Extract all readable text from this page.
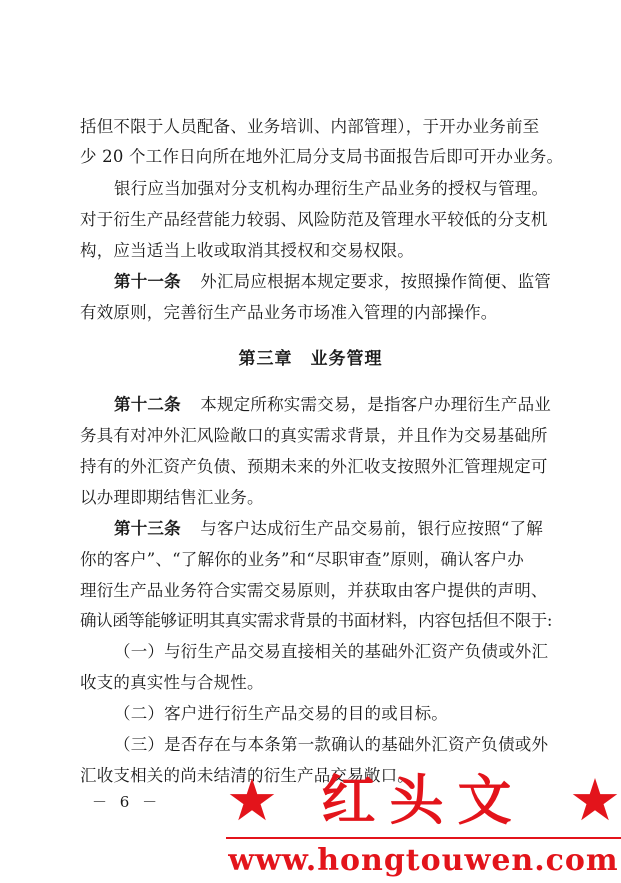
括但不限于人员配备、业务培训、内部管理），于开办业务前至
少 20 个工作日向所在地外汇局分支局书面报告后即可开办业务。
银行应当加强对分支机构办理衍生产品业务的授权与管理。
对于衍生产品经营能力较弱、风险防范及管理水平较低的分支机
构，应当适当上收或取消其授权和交易权限。
第十一条 外汇局应根据本规定要求，按照操作简便、监管
有效原则，完善衍生产品业务市场准入管理的内部操作。
第三章　业务管理
第十二条 本规定所称实需交易，是指客户办理衍生产品业
务具有对冲外汇风险敞口的真实需求背景，并且作为交易基础所
持有的外汇资产负债、预期未来的外汇收支按照外汇管理规定可
以办理即期结售汇业务。
第十三条 与客户达成衍生产品交易前，银行应按照“了解
你的客户”、“了解你的业务”和“尽职审查”原则，确认客户办
理衍生产品业务符合实需交易原则，并获取由客户提供的声明、
确认函等能够证明其真实需求背景的书面材料，内容包括但不限于:
（一）与衍生产品交易直接相关的基础外汇资产负债或外汇
收支的真实性与合规性。
（二）客户进行衍生产品交易的目的或目标。
（三）是否存在与本条第一款确认的基础外汇资产负债或外
汇收支相关的尚未结清的衍生产品交易敞口。
－ 6 － ★ 红头文 ★
www.hongtouwen.com
